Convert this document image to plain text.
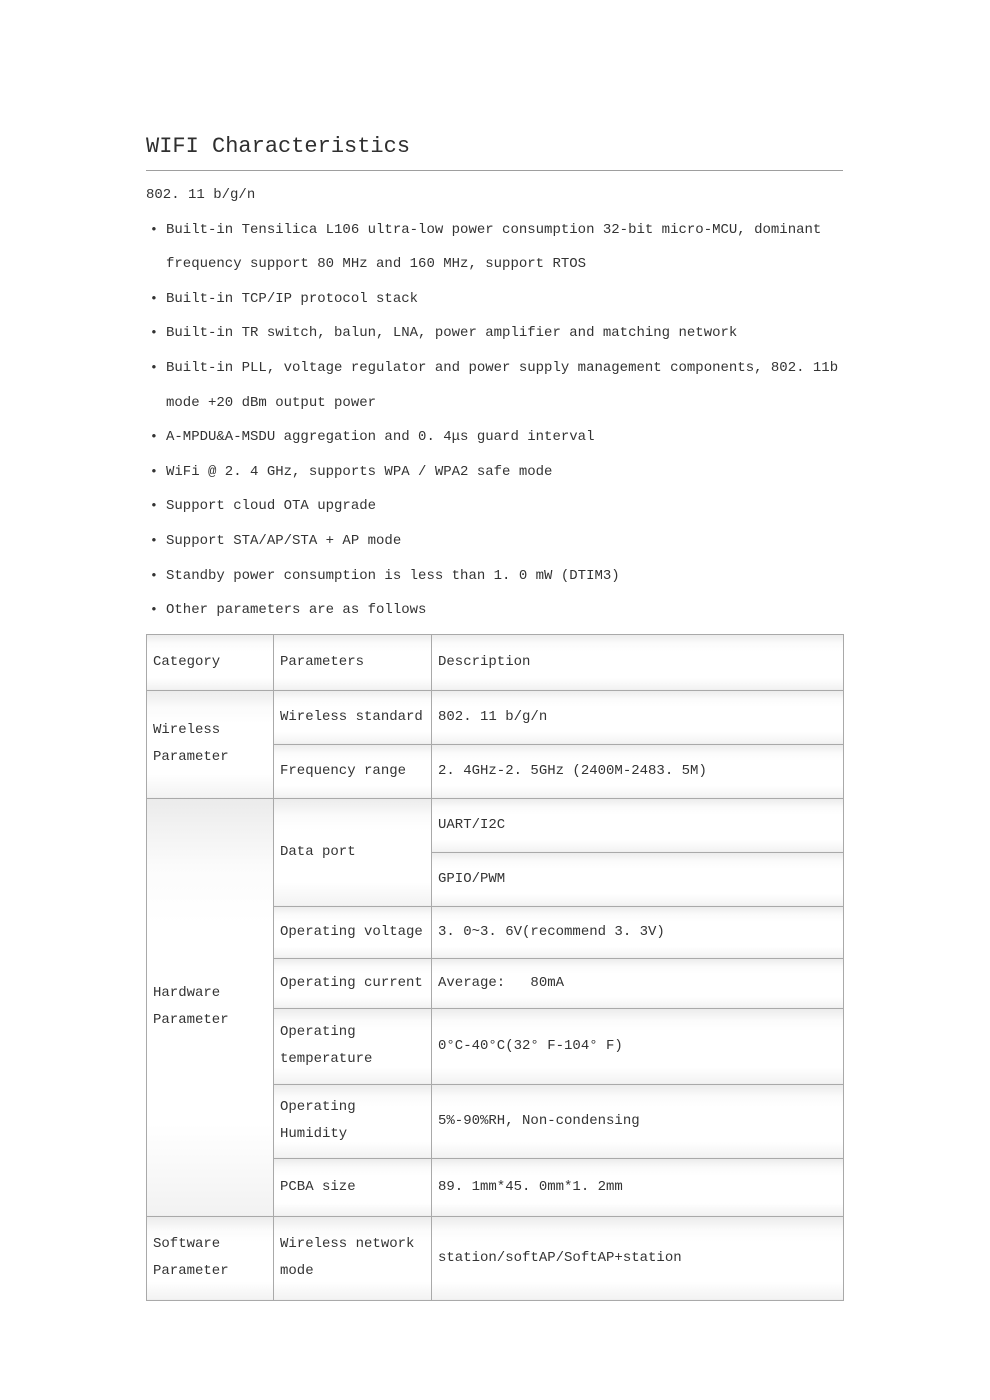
WIFI Characteristics
802. 11 b/g/n
• Built-in Tensilica L106 ultra-low power consumption 32-bit micro-MCU, dominant
frequency support 80 MHz and 160 MHz, support RTOS
• Built-in TCP/IP protocol stack
• Built-in TR switch, balun, LNA, power amplifier and matching network
• Built-in PLL, voltage regulator and power supply management components, 802. 11b
mode +20 dBm output power
• A-MPDU&A-MSDU aggregation and 0. 4μs guard interval
• WiFi @ 2. 4 GHz, supports WPA / WPA2 safe mode
• Support cloud OTA upgrade
• Support STA/AP/STA + AP mode
• Standby power consumption is less than 1. 0 mW (DTIM3)
• Other parameters are as follows
Category	Parameters	Description
Wireless Parameter	Wireless standard	802. 11 b/g/n
	Frequency range	2. 4GHz-2. 5GHz (2400M-2483. 5M)
Hardware Parameter	Data port	UART/I2C
		GPIO/PWM
	Operating voltage	3. 0~3. 6V(recommend 3. 3V)
	Operating current	Average:   80mA
	Operating temperature	0°C-40°C(32° F-104° F)
	Operating Humidity	5%-90%RH, Non-condensing
	PCBA size	89. 1mm*45. 0mm*1. 2mm
Software Parameter	Wireless network mode	station/softAP/SoftAP+station
